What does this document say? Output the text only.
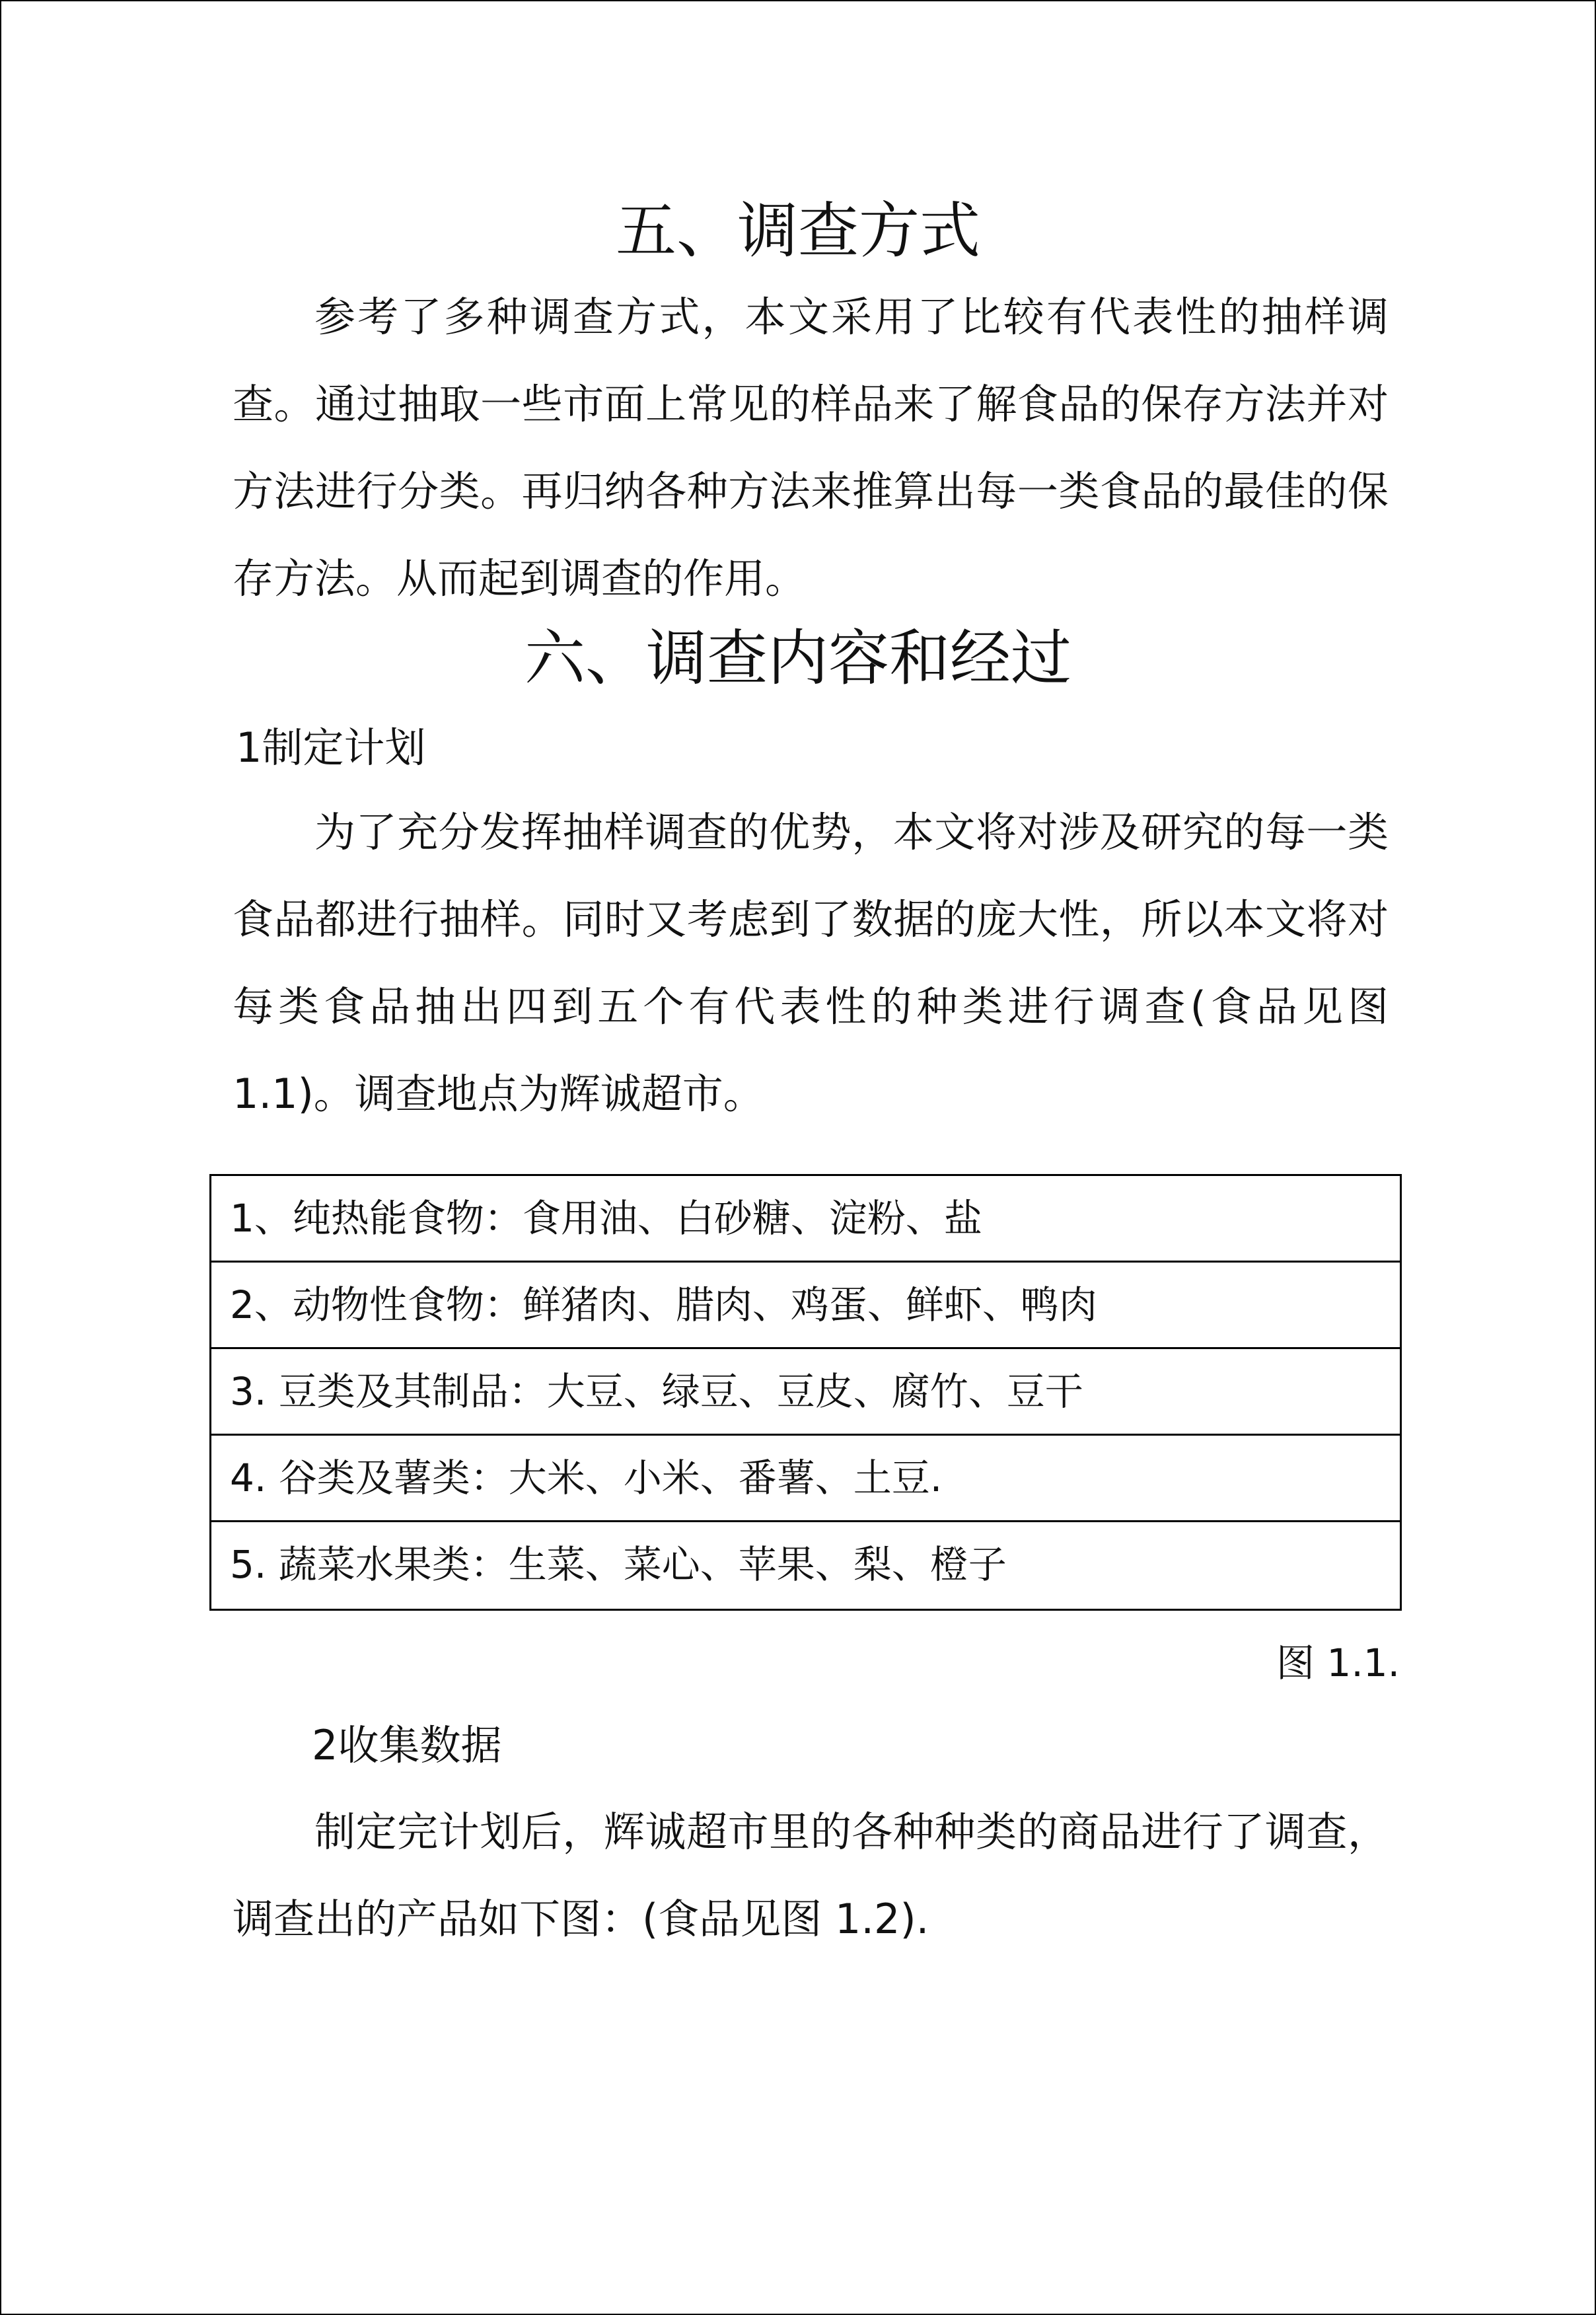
五、调查方式

参考了多种调查方式，本文采用了比较有代表性的抽样调查。通过抽取一些市面上常见的样品来了解食品的保存方法并对方法进行分类。再归纳各种方法来推算出每一类食品的最佳的保存方法。从而起到调查的作用。

六、调查内容和经过

1制定计划

为了充分发挥抽样调查的优势，本文将对涉及研究的每一类食品都进行抽样。同时又考虑到了数据的庞大性，所以本文将对每类食品抽出四到五个有代表性的种类进行调查(食品见图 1.1)。调查地点为辉诚超市。

1、纯热能食物：食用油、白砂糖、淀粉、盐
2、动物性食物：鲜猪肉、腊肉、鸡蛋、鲜虾、鸭肉
3. 豆类及其制品：大豆、绿豆、豆皮、腐竹、豆干
4. 谷类及薯类：大米、小米、番薯、土豆.
5. 蔬菜水果类：生菜、菜心、苹果、梨、橙子

图 1.1.

2收集数据

制定完计划后，辉诚超市里的各种种类的商品进行了调查，调查出的产品如下图：(食品见图 1.2).
